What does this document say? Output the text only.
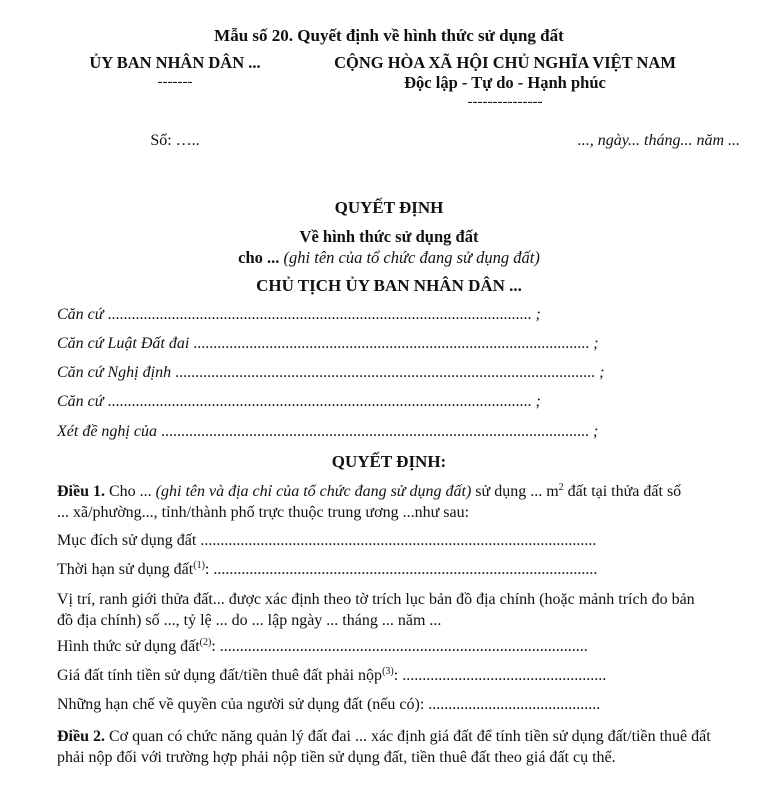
Mẫu số 20. Quyết định về hình thức sử dụng đất
ỦY BAN NHÂN DÂN ...
-------
CỘNG HÒA XÃ HỘI CHỦ NGHĨA VIỆT NAM
Độc lập - Tự do - Hạnh phúc
---------------
Số: …..	..., ngày... tháng... năm ...
QUYẾT ĐỊNH
Về hình thức sử dụng đất
cho ... (ghi tên của tổ chức đang sử dụng đất)
CHỦ TỊCH ỦY BAN NHÂN DÂN ...
Căn cứ .......................................................................................................... ;
Căn cứ Luật Đất đai ................................................................................................... ;
Căn cứ Nghị định ......................................................................................................... ;
Căn cứ .......................................................................................................... ;
Xét đề nghị của ........................................................................................................... ;
QUYẾT ĐỊNH:
Điều 1. Cho ... (ghi tên và địa chỉ của tổ chức đang sử dụng đất) sử dụng ... $m^2$ đất tại thửa đất số ... xã/phường..., tỉnh/thành phố trực thuộc trung ương ...như sau:
Mục đích sử dụng đất ...................................................................................................
Thời hạn sử dụng đất$^{(1)}$: ................................................................................................
Vị trí, ranh giới thửa đất... được xác định theo tờ trích lục bản đồ địa chính (hoặc mảnh trích đo bản đồ địa chính) số ..., tỷ lệ ... do ... lập ngày ... tháng ... năm ...
Hình thức sử dụng đất$^{(2)}$: ............................................................................................
Giá đất tính tiền sử dụng đất/tiền thuê đất phải nộp$^{(3)}$: ...................................................
Những hạn chế về quyền của người sử dụng đất (nếu có): ...........................................
Điều 2. Cơ quan có chức năng quản lý đất đai ... xác định giá đất để tính tiền sử dụng đất/tiền thuê đất phải nộp đối với trường hợp phải nộp tiền sử dụng đất, tiền thuê đất theo giá đất cụ thể.
